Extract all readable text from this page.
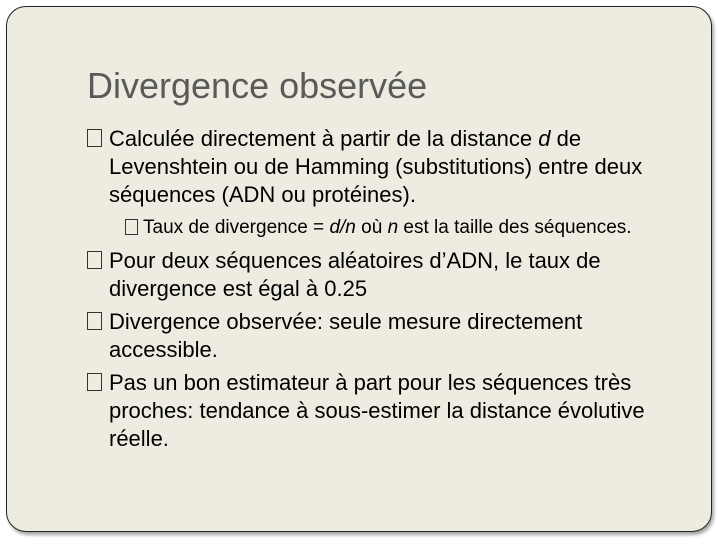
Divergence observée
Calculée directement à partir de la distance d de Levenshtein ou de Hamming (substitutions) entre deux séquences (ADN ou protéines).
Taux de divergence = d/n où n est la taille des séquences.
Pour deux séquences aléatoires d’ADN, le taux de divergence est égal à 0.25
Divergence observée: seule mesure directement accessible.
Pas un bon estimateur à part pour les séquences très proches: tendance à sous-estimer la distance évolutive réelle.
